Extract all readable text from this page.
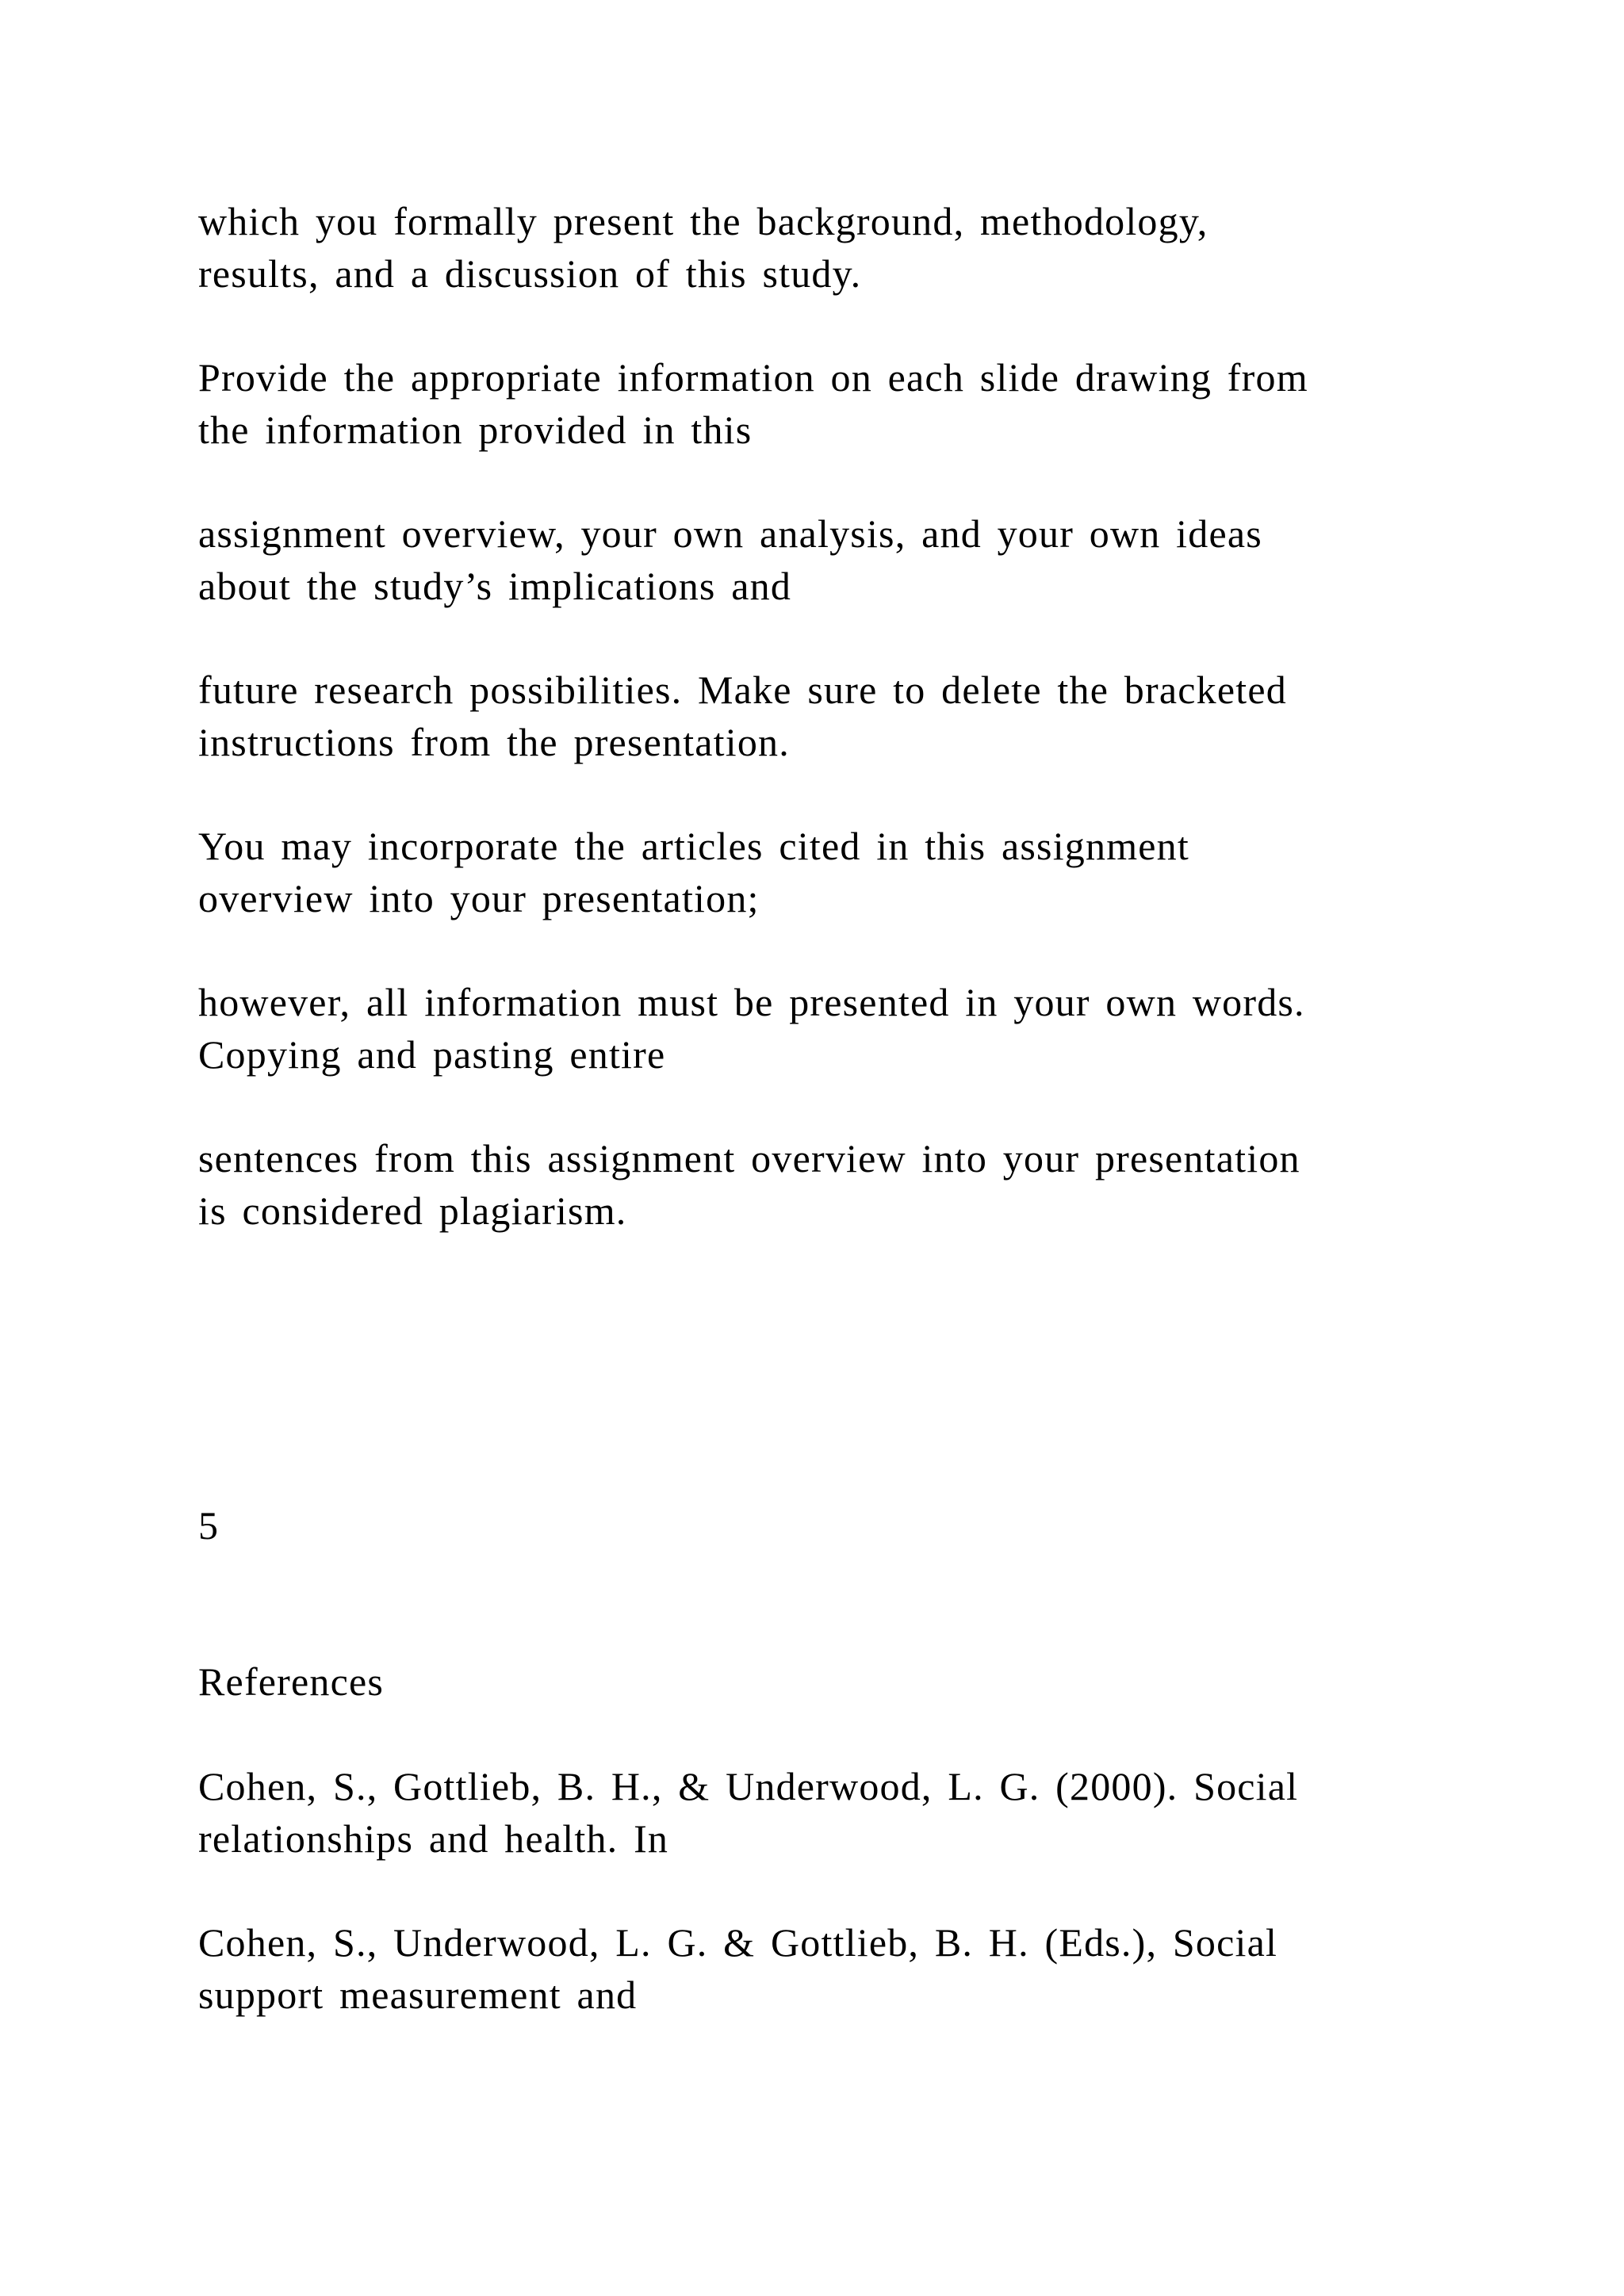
which you formally present the background, methodology,
results, and a discussion of this study.

Provide the appropriate information on each slide drawing from
the information provided in this

assignment overview, your own analysis, and your own ideas
about the study’s implications and

future research possibilities. Make sure to delete the bracketed
instructions from the presentation.

You may incorporate the articles cited in this assignment
overview into your presentation;

however, all information must be presented in your own words.
Copying and pasting entire

sentences from this assignment overview into your presentation
is considered plagiarism.

5

References

Cohen, S., Gottlieb, B. H., & Underwood, L. G. (2000). Social
relationships and health. In

Cohen, S., Underwood, L. G. & Gottlieb, B. H. (Eds.), Social
support measurement and
